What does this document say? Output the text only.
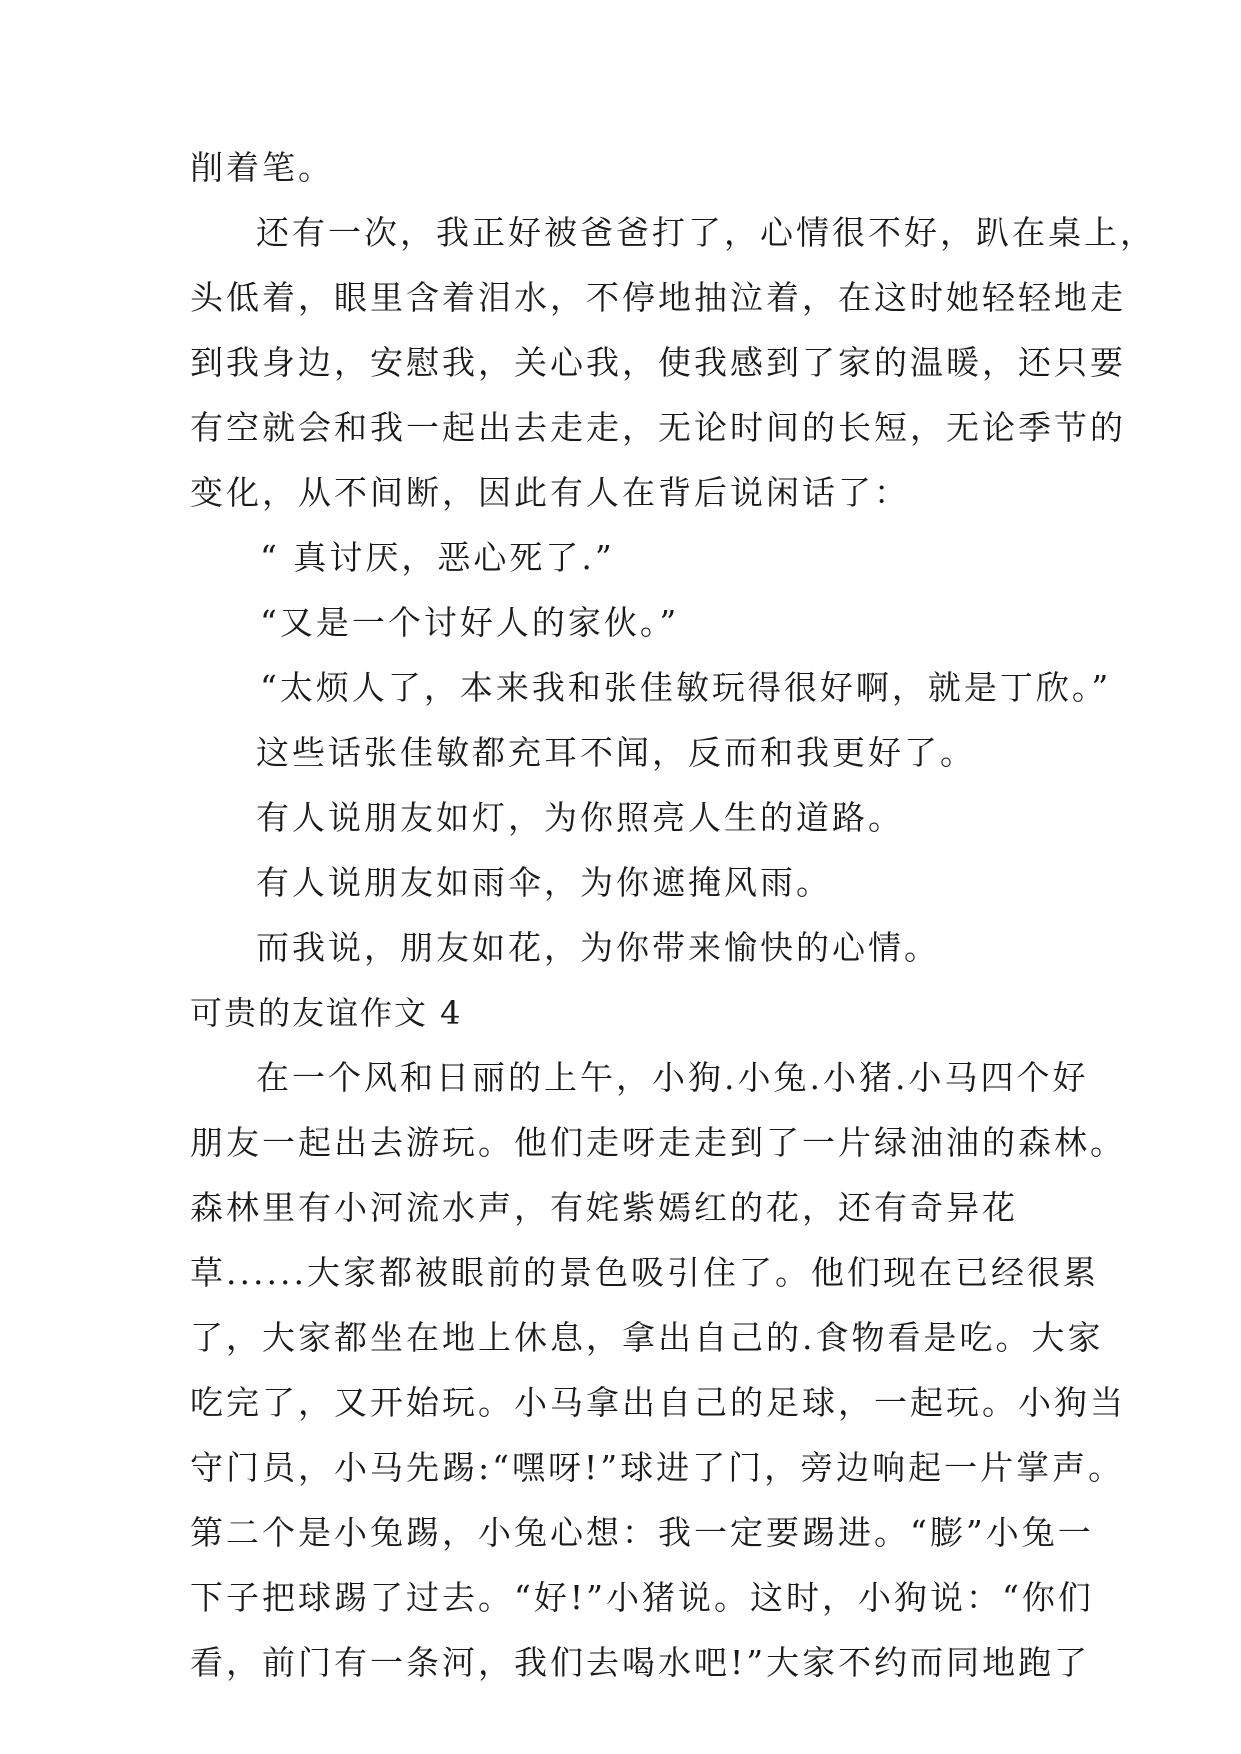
削着笔。
还有一次，我正好被爸爸打了，心情很不好，趴在桌上，
头低着，眼里含着泪水，不停地抽泣着，在这时她轻轻地走
到我身边，安慰我，关心我，使我感到了家的温暖，还只要
有空就会和我一起出去走走，无论时间的长短，无论季节的
变化，从不间断，因此有人在背后说闲话了：
“ 真讨厌，恶心死了.”
“又是一个讨好人的家伙。”
“太烦人了，本来我和张佳敏玩得很好啊，就是丁欣。”
这些话张佳敏都充耳不闻，反而和我更好了。
有人说朋友如灯，为你照亮人生的道路。
有人说朋友如雨伞，为你遮掩风雨。
而我说，朋友如花，为你带来愉快的心情。
可贵的友谊作文 4
在一个风和日丽的上午，小狗.小兔.小猪.小马四个好
朋友一起出去游玩。他们走呀走走到了一片绿油油的森林。
森林里有小河流水声，有姹紫嫣红的花，还有奇异花
草......大家都被眼前的景色吸引住了。他们现在已经很累
了，大家都坐在地上休息，拿出自己的.食物看是吃。大家
吃完了，又开始玩。小马拿出自己的足球，一起玩。小狗当
守门员，小马先踢:“嘿呀!”球进了门，旁边响起一片掌声。
第二个是小兔踢，小兔心想：我一定要踢进。“膨”小兔一
下子把球踢了过去。“好!”小猪说。这时，小狗说：“你们
看，前门有一条河，我们去喝水吧!”大家不约而同地跑了
